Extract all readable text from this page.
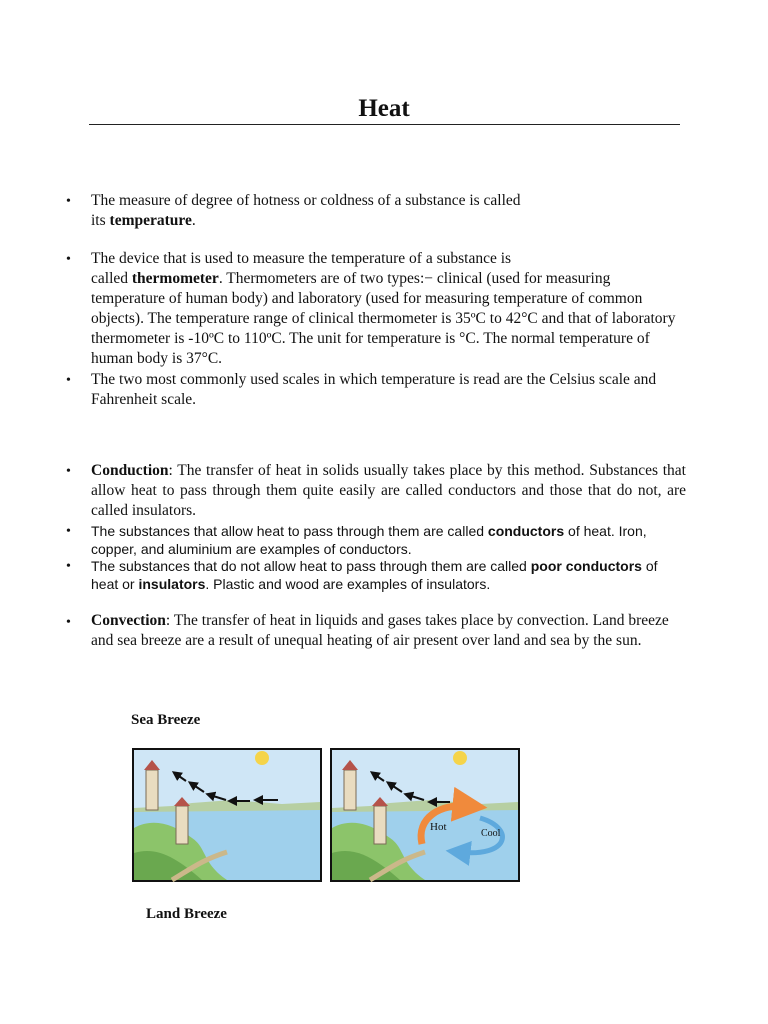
Heat
• The measure of degree of hotness or coldness of a substance is called
its temperature.
• The device that is used to measure the temperature of a substance is
called thermometer. Thermometers are of two types:− clinical (used for measuring temperature of human body) and laboratory (used for measuring temperature of common objects). The temperature range of clinical thermometer is 35ºC to 42°C and that of laboratory thermometer is -10ºC to 110ºC. The unit for temperature is °C. The normal temperature of human body is 37°C.
• The two most commonly used scales in which temperature is read are the Celsius scale and Fahrenheit scale.
• Conduction: The transfer of heat in solids usually takes place by this method. Substances that allow heat to pass through them quite easily are called conductors and those that do not, are called insulators.
• The substances that allow heat to pass through them are called conductors of heat. Iron, copper, and aluminium are examples of conductors.
• The substances that do not allow heat to pass through them are called poor conductors of heat or insulators. Plastic and wood are examples of insulators.
• Convection: The transfer of heat in liquids and gases takes place by convection. Land breeze and sea breeze are a result of unequal heating of air present over land and sea by the sun.
Sea Breeze
Land Breeze
Hot
Cool
